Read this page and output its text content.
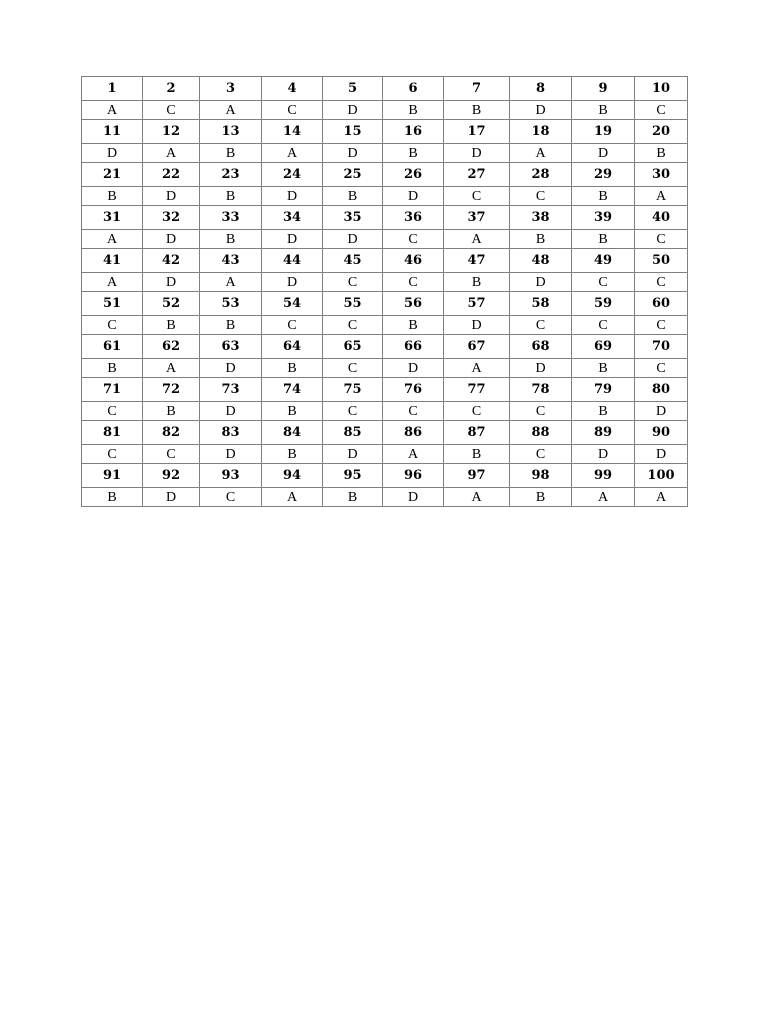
1	2	3	4	5	6	7	8	9	10
A	C	A	C	D	B	B	D	B	C
11	12	13	14	15	16	17	18	19	20
D	A	B	A	D	B	D	A	D	B
21	22	23	24	25	26	27	28	29	30
B	D	B	D	B	D	C	C	B	A
31	32	33	34	35	36	37	38	39	40
A	D	B	D	D	C	A	B	B	C
41	42	43	44	45	46	47	48	49	50
A	D	A	D	C	C	B	D	C	C
51	52	53	54	55	56	57	58	59	60
C	B	B	C	C	B	D	C	C	C
61	62	63	64	65	66	67	68	69	70
B	A	D	B	C	D	A	D	B	C
71	72	73	74	75	76	77	78	79	80
C	B	D	B	C	C	C	C	B	D
81	82	83	84	85	86	87	88	89	90
C	C	D	B	D	A	B	C	D	D
91	92	93	94	95	96	97	98	99	100
B	D	C	A	B	D	A	B	A	A
